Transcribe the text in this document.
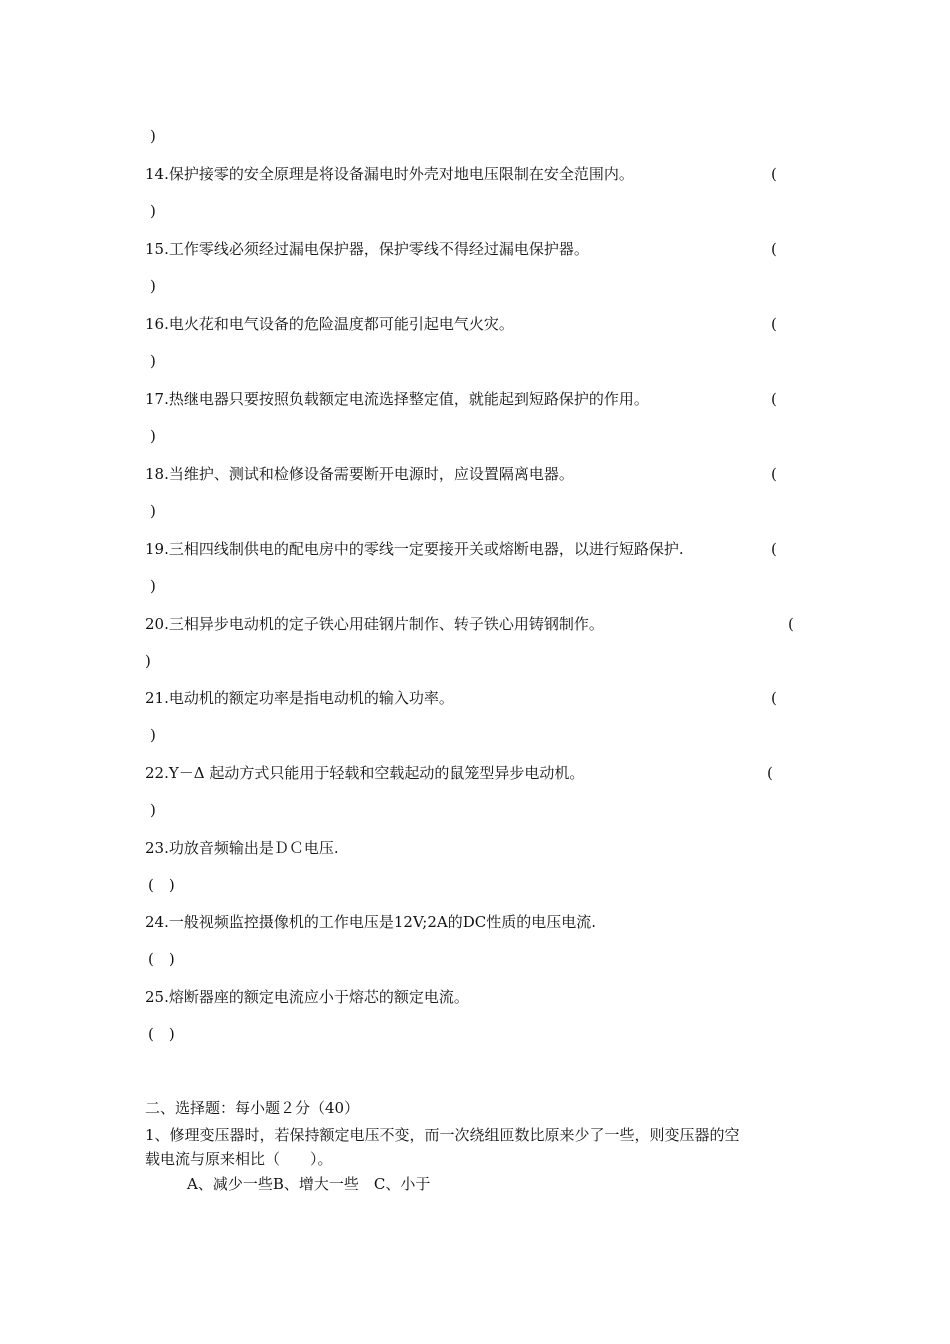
)
14.保护接零的安全原理是将设备漏电时外壳对地电压限制在安全范围内。	(
)
15.工作零线必须经过漏电保护器，保护零线不得经过漏电保护器。	(
)
16.电火花和电气设备的危险温度都可能引起电气火灾。	(
)
17.热继电器只要按照负载额定电流选择整定值，就能起到短路保护的作用。	(
)
18.当维护、测试和检修设备需要断开电源时，应设置隔离电器。	(
)
19.三相四线制供电的配电房中的零线一定要接开关或熔断电器，以进行短路保护.	(
)
20.三相异步电动机的定子铁心用硅钢片制作、转子铁心用铸钢制作。	(
)
21.电动机的额定功率是指电动机的输入功率。	(
)
22.Y－Δ 起动方式只能用于轻载和空载起动的鼠笼型异步电动机。	(
)
23.功放音频输出是ＤＣ电压.
(　)
24.一般视频监控摄像机的工作电压是12V;2A的DC性质的电压电流.
(　)
25.熔断器座的额定电流应小于熔芯的额定电流。
(　)
二、选择题：每小题２分（40）
1、修理变压器时，若保持额定电压不变，而一次绕组匝数比原来少了一些，则变压器的空
载电流与原来相比（　　）。
A、减少一些B、增大一些　C、小于
